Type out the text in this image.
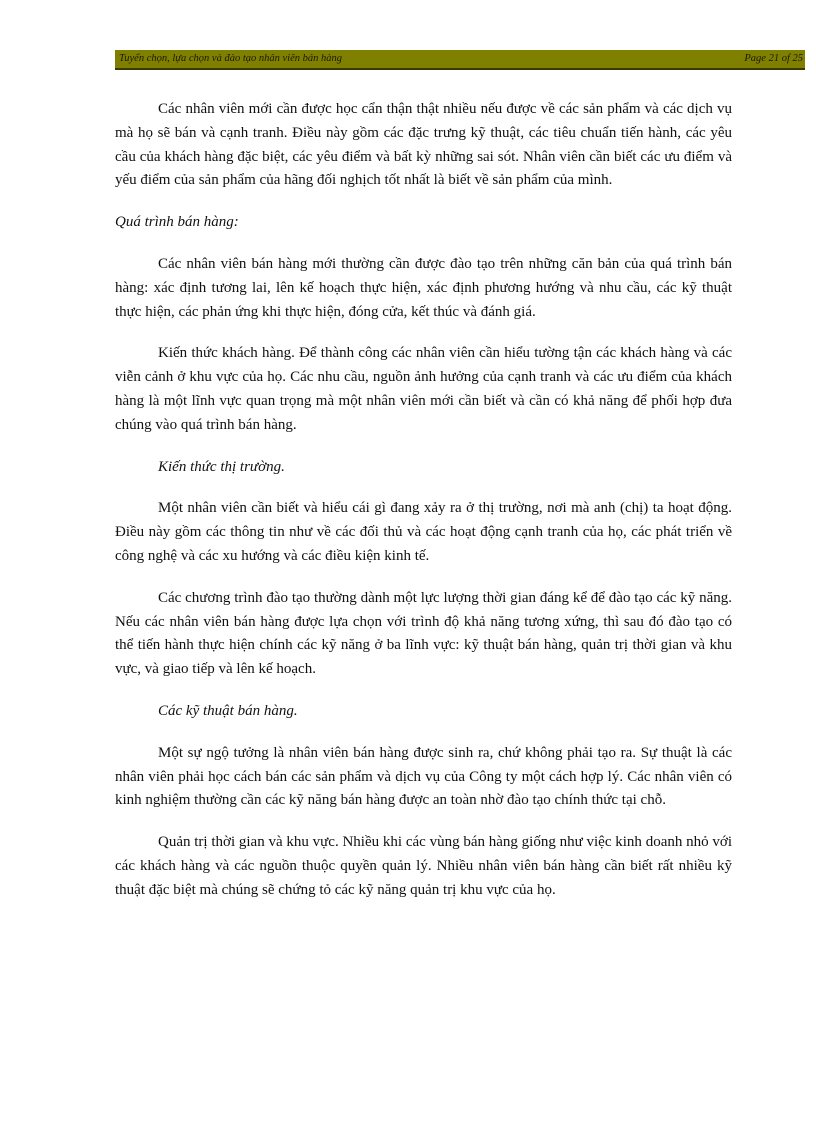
Tuyển chọn, lựa chọn và đào tạo nhân viên bán hàng	Page 21 of 25

Các nhân viên mới cần được học cẩn thận thật nhiều nếu được về các sản phẩm và các dịch vụ mà họ sẽ bán và cạnh tranh. Điều này gồm các đặc trưng kỹ thuật, các tiêu chuẩn tiến hành, các yêu cầu của khách hàng đặc biệt, các yêu điểm và bất kỳ những sai sót. Nhân viên cần biết các ưu điểm và yếu điểm của sản phẩm của hãng đối nghịch tốt nhất là biết về sản phẩm của mình.

Quá trình bán hàng:

Các nhân viên bán hàng mới thường cần được đào tạo trên những căn bản của quá trình bán hàng: xác định tương lai, lên kế hoạch thực hiện, xác định phương hướng và nhu cầu, các kỹ thuật thực hiện, các phản ứng khi thực hiện, đóng cửa, kết thúc và đánh giá.

Kiến thức khách hàng. Để thành công các nhân viên cần hiểu tường tận các khách hàng và các viễn cảnh ở khu vực của họ. Các nhu cầu, nguồn ảnh hưởng của cạnh tranh và các ưu điểm của khách hàng là một lĩnh vực quan trọng mà một nhân viên mới cần biết và cần có khả năng để phối hợp đưa chúng vào quá trình bán hàng.

Kiến thức thị trường.

Một nhân viên cần biết và hiểu cái gì đang xảy ra ở thị trường, nơi mà anh (chị) ta hoạt động. Điều này gồm các thông tin như về các đối thủ và các hoạt động cạnh tranh của họ, các phát triển về công nghệ và các xu hướng và các điều kiện kinh tế.

Các chương trình đào tạo thường dành một lực lượng thời gian đáng kể để đào tạo các kỹ năng. Nếu các nhân viên bán hàng được lựa chọn với trình độ khả năng tương xứng, thì sau đó đào tạo có thể tiến hành thực hiện chính các kỹ năng ở ba lĩnh vực: kỹ thuật bán hàng, quản trị thời gian và khu vực, và giao tiếp và lên kế hoạch.

Các kỹ thuật bán hàng.

Một sự ngộ tưởng là nhân viên bán hàng được sinh ra, chứ không phải tạo ra. Sự thuật là các nhân viên phải học cách bán các sản phẩm và dịch vụ của Công ty một cách hợp lý. Các nhân viên có kinh nghiệm thường cần các kỹ năng bán hàng được an toàn nhờ đào tạo chính thức tại chỗ.

Quản trị thời gian và khu vực. Nhiều khi các vùng bán hàng giống như việc kinh doanh nhỏ với các khách hàng và các nguồn thuộc quyền quản lý. Nhiều nhân viên bán hàng cần biết rất nhiều kỹ thuật đặc biệt mà chúng sẽ chứng tỏ các kỹ năng quản trị khu vực của họ.
